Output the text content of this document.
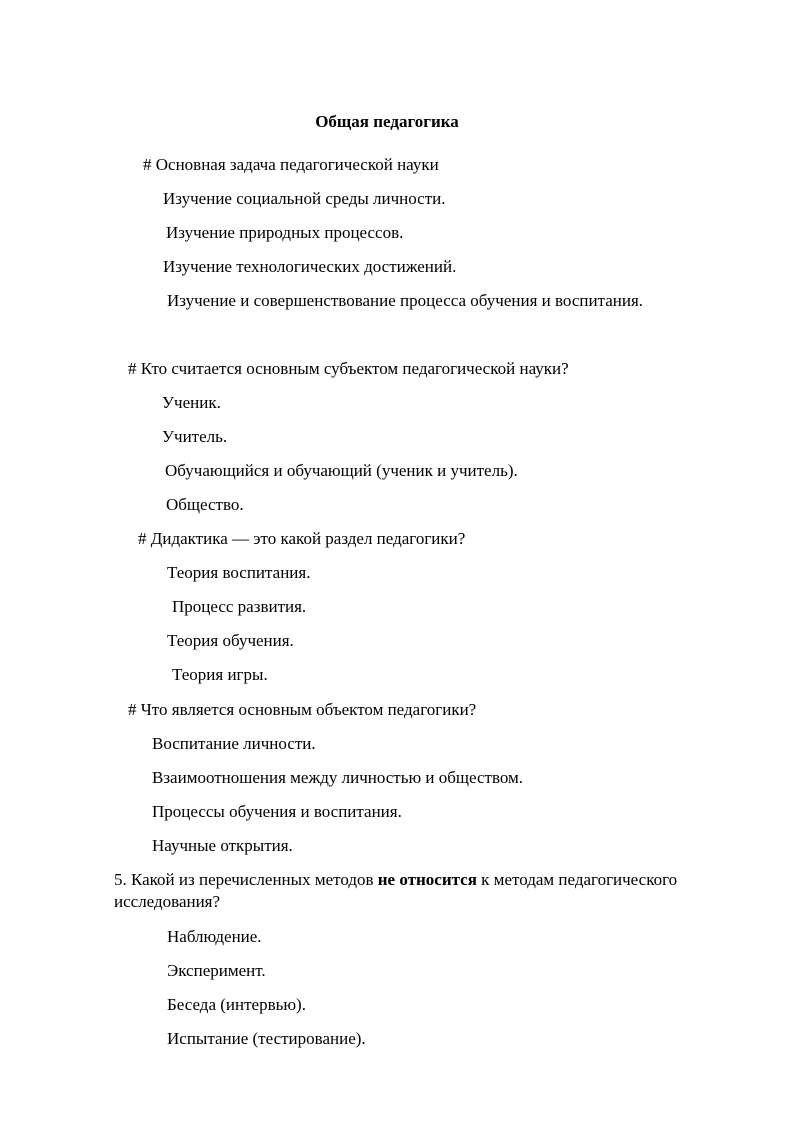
Общая педагогика
# Основная задача педагогической науки
Изучение социальной среды личности.
Изучение природных процессов.
Изучение технологических достижений.
Изучение и совершенствование процесса обучения и воспитания.
# Кто считается основным субъектом педагогической науки?
Ученик.
Учитель.
Обучающийся и обучающий (ученик и учитель).
Общество.
# Дидактика — это какой раздел педагогики?
Теория воспитания.
Процесс развития.
Теория обучения.
Теория игры.
# Что является основным объектом педагогики?
Воспитание личности.
Взаимоотношения между личностью и обществом.
Процессы обучения и воспитания.
Научные открытия.
5. Какой из перечисленных методов не относится к методам педагогического исследования?
Наблюдение.
Эксперимент.
Беседа (интервью).
Испытание (тестирование).
